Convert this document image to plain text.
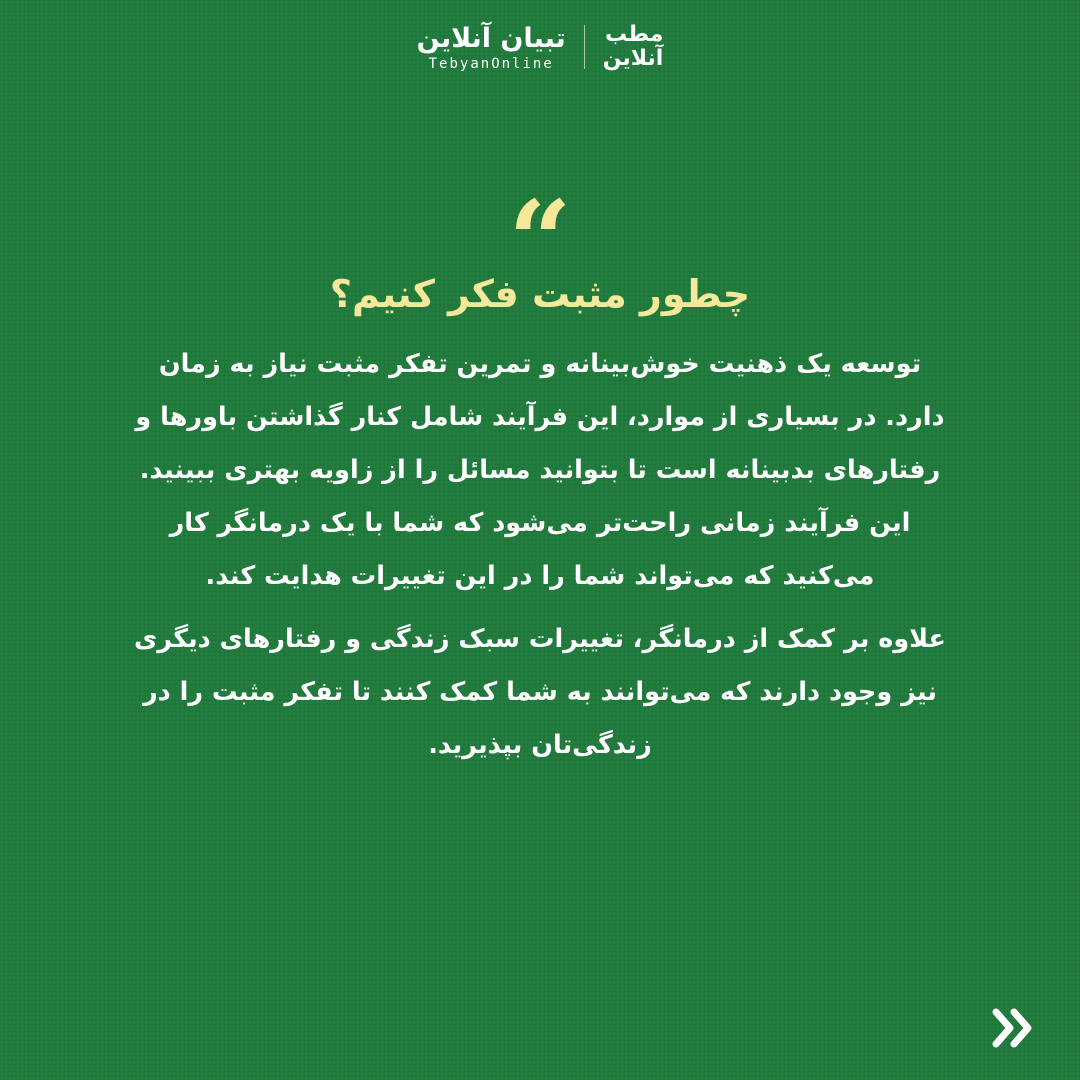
تبیان آنلاین
TebyanOnline
مطب
آنلاین
“
چطور مثبت فکر کنیم؟

توسعه یک ذهنیت خوش‌بینانه و تمرین تفکر مثبت نیاز به زمان دارد. در بسیاری از موارد، این فرآیند شامل کنار گذاشتن باورها و رفتارهای بدبینانه است تا بتوانید مسائل را از زاویه بهتری ببینید. این فرآیند زمانی راحت‌تر می‌شود که شما با یک درمانگر کار می‌کنید که می‌تواند شما را در این تغییرات هدایت کند.

علاوه بر کمک از درمانگر، تغییرات سبک زندگی و رفتارهای دیگری نیز وجود دارند که می‌توانند به شما کمک کنند تا تفکر مثبت را در زندگی‌تان بپذیرید.
